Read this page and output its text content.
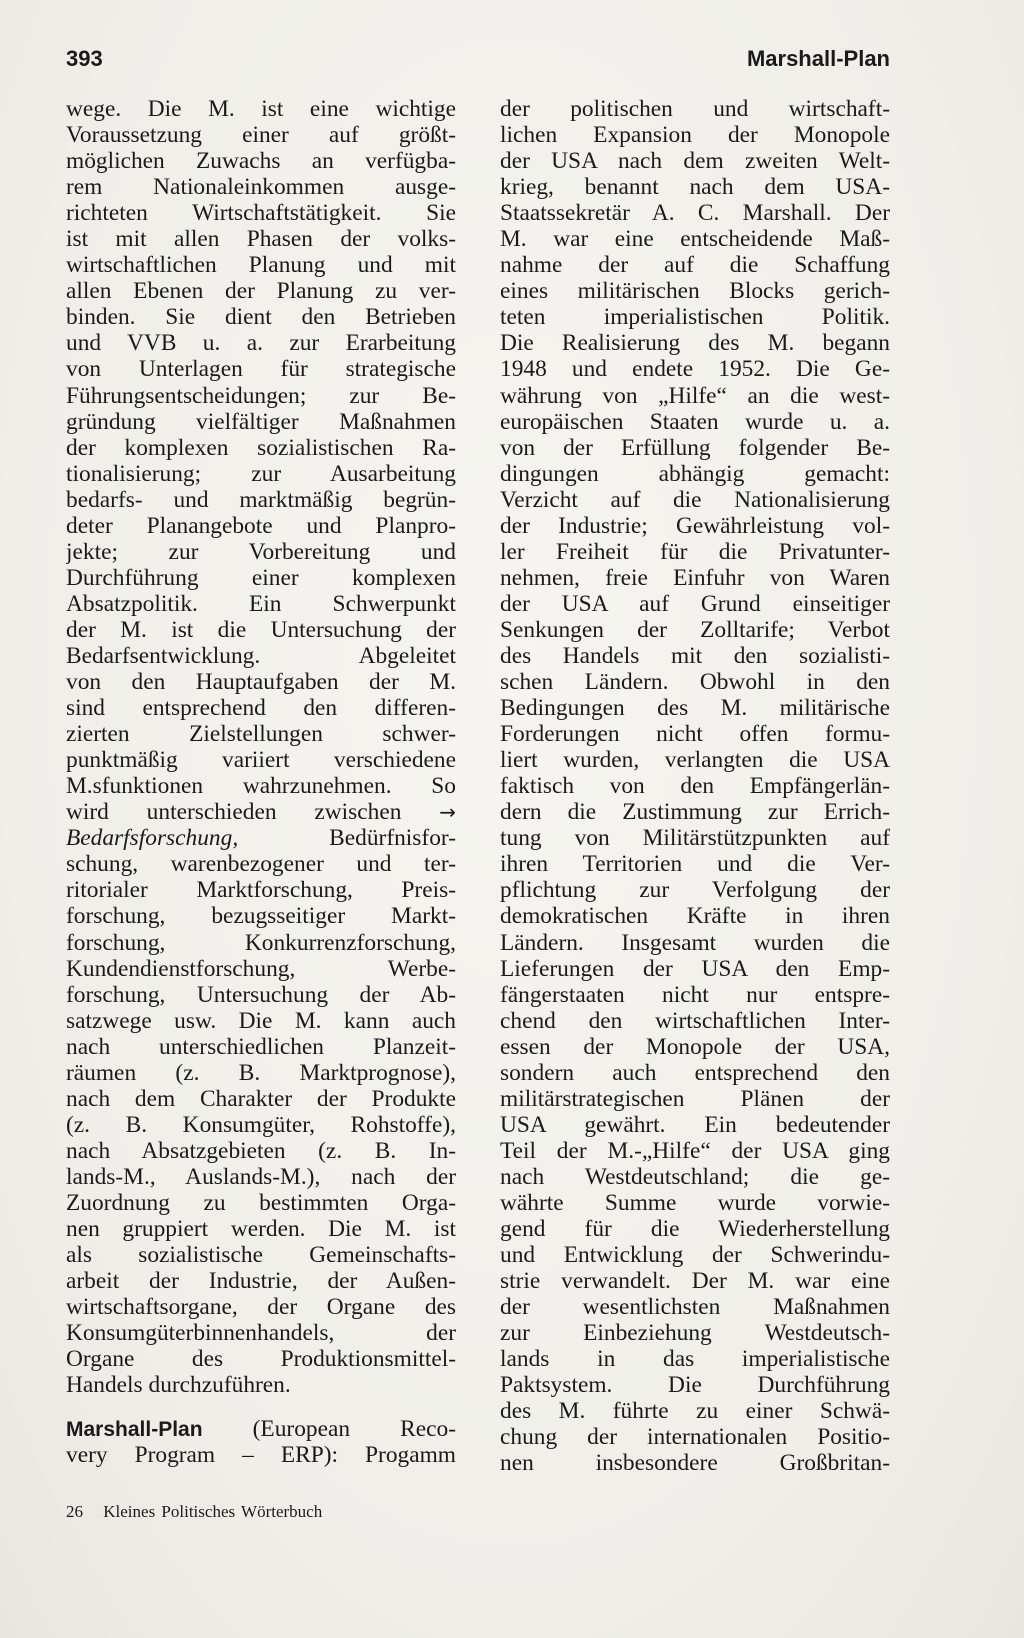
393	Marshall-Plan
wege. Die M. ist eine wichtige
Voraussetzung einer auf größt-
möglichen Zuwachs an verfügba-
rem Nationaleinkommen ausge-
richteten Wirtschaftstätigkeit. Sie
ist mit allen Phasen der volks-
wirtschaftlichen Planung und mit
allen Ebenen der Planung zu ver-
binden. Sie dient den Betrieben
und VVB u. a. zur Erarbeitung
von Unterlagen für strategische
Führungsentscheidungen; zur Be-
gründung vielfältiger Maßnahmen
der komplexen sozialistischen Ra-
tionalisierung; zur Ausarbeitung
bedarfs- und marktmäßig begrün-
deter Planangebote und Planpro-
jekte; zur Vorbereitung und
Durchführung einer komplexen
Absatzpolitik. Ein Schwerpunkt
der M. ist die Untersuchung der
Bedarfsentwicklung. Abgeleitet
von den Hauptaufgaben der M.
sind entsprechend den differen-
zierten Zielstellungen schwer-
punktmäßig variiert verschiedene
M.sfunktionen wahrzunehmen. So
wird unterschieden zwischen →
Bedarfsforschung,	Bedürfnisfor-
schung, warenbezogener und ter-
ritorialer Marktforschung, Preis-
forschung, bezugsseitiger Markt-
forschung, Konkurrenzforschung,
Kundendienstforschung, Werbe-
forschung, Untersuchung der Ab-
satzwege usw. Die M. kann auch
nach unterschiedlichen Planzeit-
räumen (z. B. Marktprognose),
nach dem Charakter der Produkte
(z. B. Konsumgüter, Rohstoffe),
nach Absatzgebieten (z. B. In-
lands-M., Auslands-M.), nach der
Zuordnung zu bestimmten Orga-
nen gruppiert werden. Die M. ist
als sozialistische Gemeinschafts-
arbeit der Industrie, der Außen-
wirtschaftsorgane, der Organe des
Konsumgüterbinnenhandels, der
Organe des Produktionsmittel-
Handels durchzuführen.
Marshall-Plan (European Reco-
very Program – ERP): Progamm
der politischen und wirtschaft-
lichen Expansion der Monopole
der USA nach dem zweiten Welt-
krieg, benannt nach dem USA-
Staatssekretär A. C. Marshall. Der
M. war eine entscheidende Maß-
nahme der auf die Schaffung
eines militärischen Blocks gerich-
teten imperialistischen Politik.
Die Realisierung des M. begann
1948 und endete 1952. Die Ge-
währung von „Hilfe“ an die west-
europäischen Staaten wurde u. a.
von der Erfüllung folgender Be-
dingungen abhängig gemacht:
Verzicht auf die Nationalisierung
der Industrie; Gewährleistung vol-
ler Freiheit für die Privatunter-
nehmen, freie Einfuhr von Waren
der USA auf Grund einseitiger
Senkungen der Zolltarife; Verbot
des Handels mit den sozialisti-
schen Ländern. Obwohl in den
Bedingungen des M. militärische
Forderungen nicht offen formu-
liert wurden, verlangten die USA
faktisch von den Empfängerlän-
dern die Zustimmung zur Errich-
tung von Militärstützpunkten auf
ihren Territorien und die Ver-
pflichtung zur Verfolgung der
demokratischen Kräfte in ihren
Ländern. Insgesamt wurden die
Lieferungen der USA den Emp-
fängerstaaten nicht nur entspre-
chend den wirtschaftlichen Inter-
essen der Monopole der USA,
sondern auch entsprechend den
militärstrategischen Plänen der
USA gewährt. Ein bedeutender
Teil der M.-„Hilfe“ der USA ging
nach Westdeutschland; die ge-
währte Summe wurde vorwie-
gend für die Wiederherstellung
und Entwicklung der Schwerindu-
strie verwandelt. Der M. war eine
der wesentlichsten Maßnahmen
zur Einbeziehung Westdeutsch-
lands in das imperialistische
Paktsystem. Die Durchführung
des M. führte zu einer Schwä-
chung der internationalen Positio-
nen insbesondere Großbritan-
26 Kleines Politisches Wörterbuch
